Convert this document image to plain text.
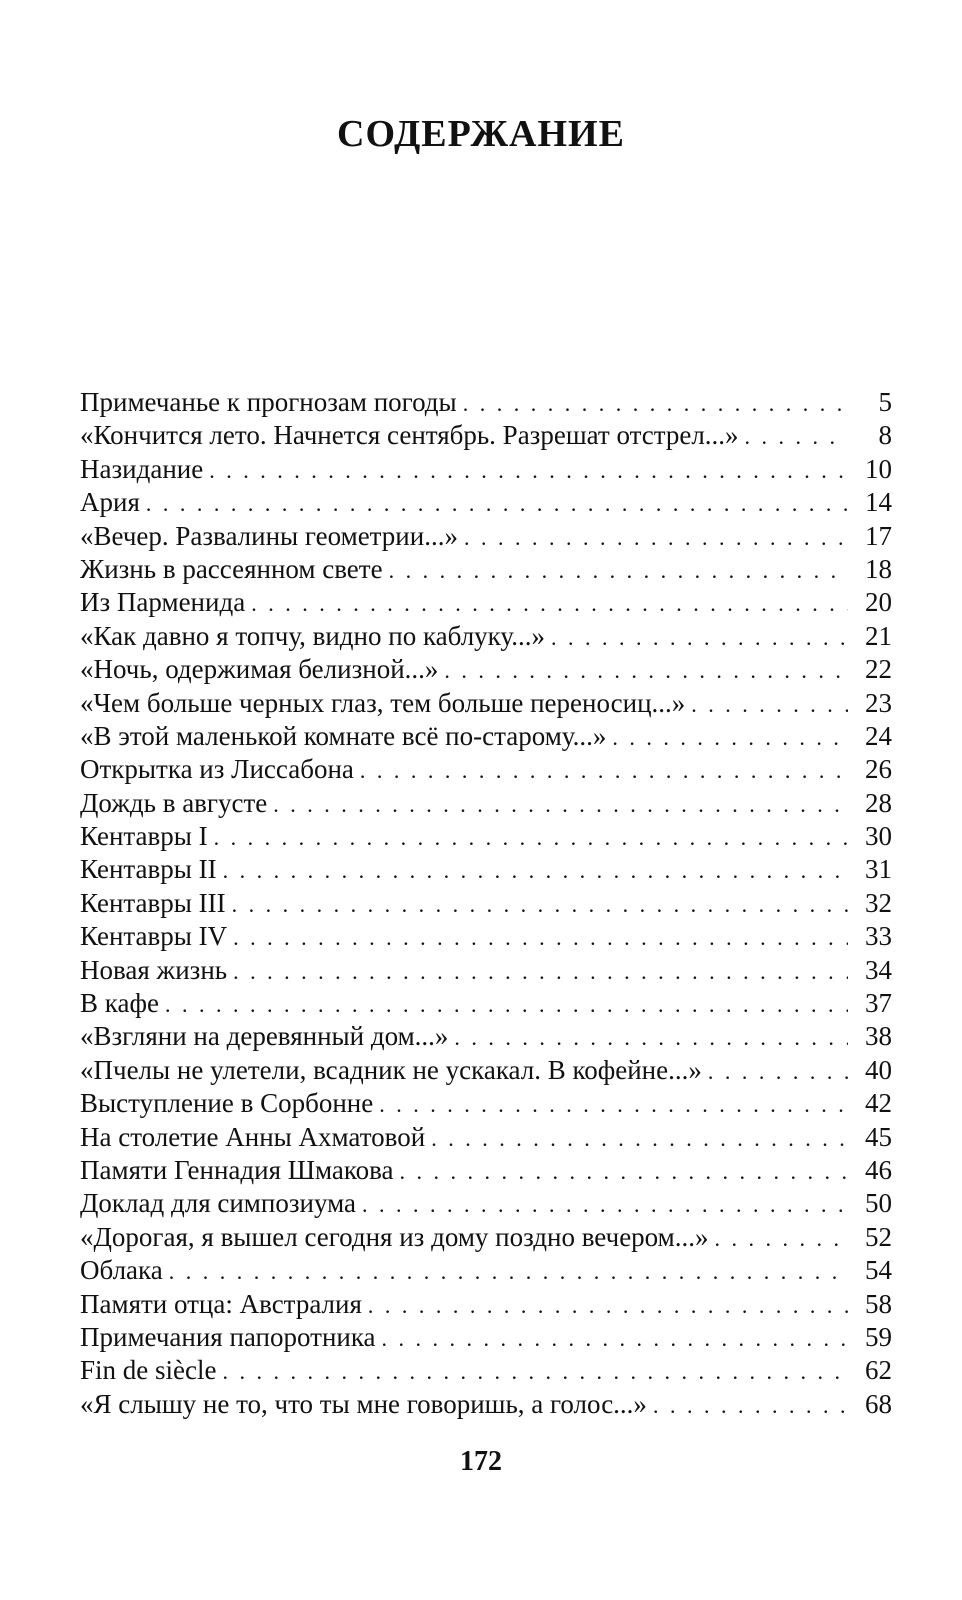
СОДЕРЖАНИЕ
Примечанье к прогнозам погоды . . .	5
«Кончится лето. Начнется сентябрь. Разрешат отстрел...» . . .	8
Назидание . . .	10
Ария . . .	14
«Вечер. Развалины геометрии...» . . .	17
Жизнь в рассеянном свете . . .	18
Из Парменида . . .	20
«Как давно я топчу, видно по каблуку...» . . .	21
«Ночь, одержимая белизной...» . . .	22
«Чем больше черных глаз, тем больше переносиц...» . . .	23
«В этой маленькой комнате всё по-старому...» . . .	24
Открытка из Лиссабона . . .	26
Дождь в августе . . .	28
Кентавры I . . .	30
Кентавры II . . .	31
Кентавры III . . .	32
Кентавры IV . . .	33
Новая жизнь . . .	34
В кафе . . .	37
«Взгляни на деревянный дом...» . . .	38
«Пчелы не улетели, всадник не ускакал. В кофейне...» . . .	40
Выступление в Сорбонне . . .	42
На столетие Анны Ахматовой . . .	45
Памяти Геннадия Шмакова . . .	46
Доклад для симпозиума . . .	50
«Дорогая, я вышел сегодня из дому поздно вечером...» . . .	52
Облака . . .	54
Памяти отца: Австралия . . .	58
Примечания папоротника . . .	59
Fin de siècle . . .	62
«Я слышу не то, что ты мне говоришь, а голос...» . . .	68
172
